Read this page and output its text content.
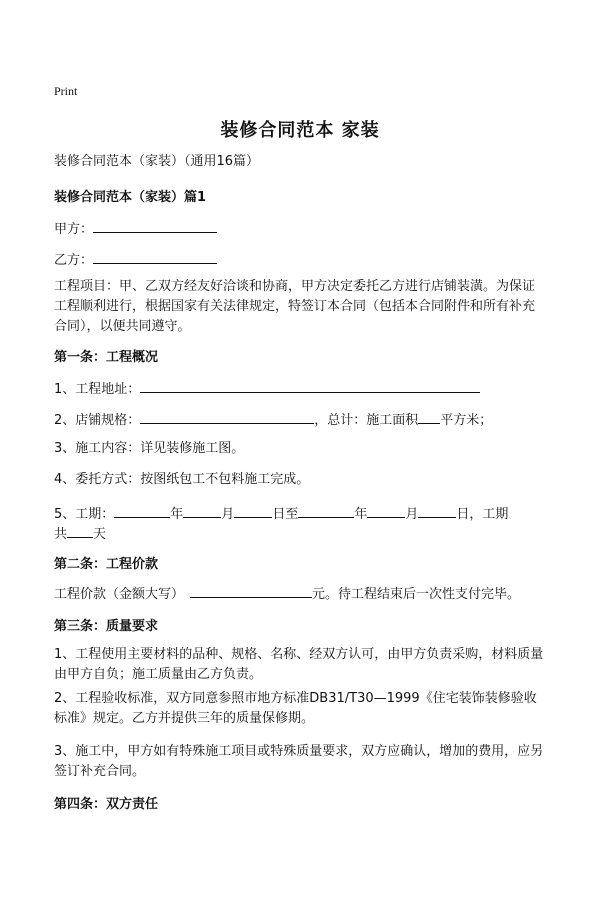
Print
装修合同范本 家装
装修合同范本（家装）（通用16篇）
装修合同范本（家装）篇1
甲方：
乙方：
工程项目：甲、乙双方经友好洽谈和协商，甲方决定委托乙方进行店铺装潢。为保证工程顺利进行，根据国家有关法律规定，特签订本合同（包括本合同附件和所有补充合同），以便共同遵守。
第一条：工程概况
1、工程地址：
2、店铺规格：	，总计：施工面积 平方米；
3、施工内容：详见装修施工图。
4、委托方式：按图纸包工不包料施工完成。
5、工期：	年	月	日至	年	月	日，工期
共 天
第二条：工程价款
工程价款（金额大写）	元。待工程结束后一次性支付完毕。
第三条：质量要求
1、工程使用主要材料的品种、规格、名称、经双方认可，由甲方负责采购，材料质量由甲方自负；施工质量由乙方负责。
2、工程验收标准，双方同意参照市地方标准DB31/T30—1999《住宅装饰装修验收标准》规定。乙方并提供三年的质量保修期。
3、施工中，甲方如有特殊施工项目或特殊质量要求，双方应确认，增加的费用，应另签订补充合同。
第四条：双方责任
